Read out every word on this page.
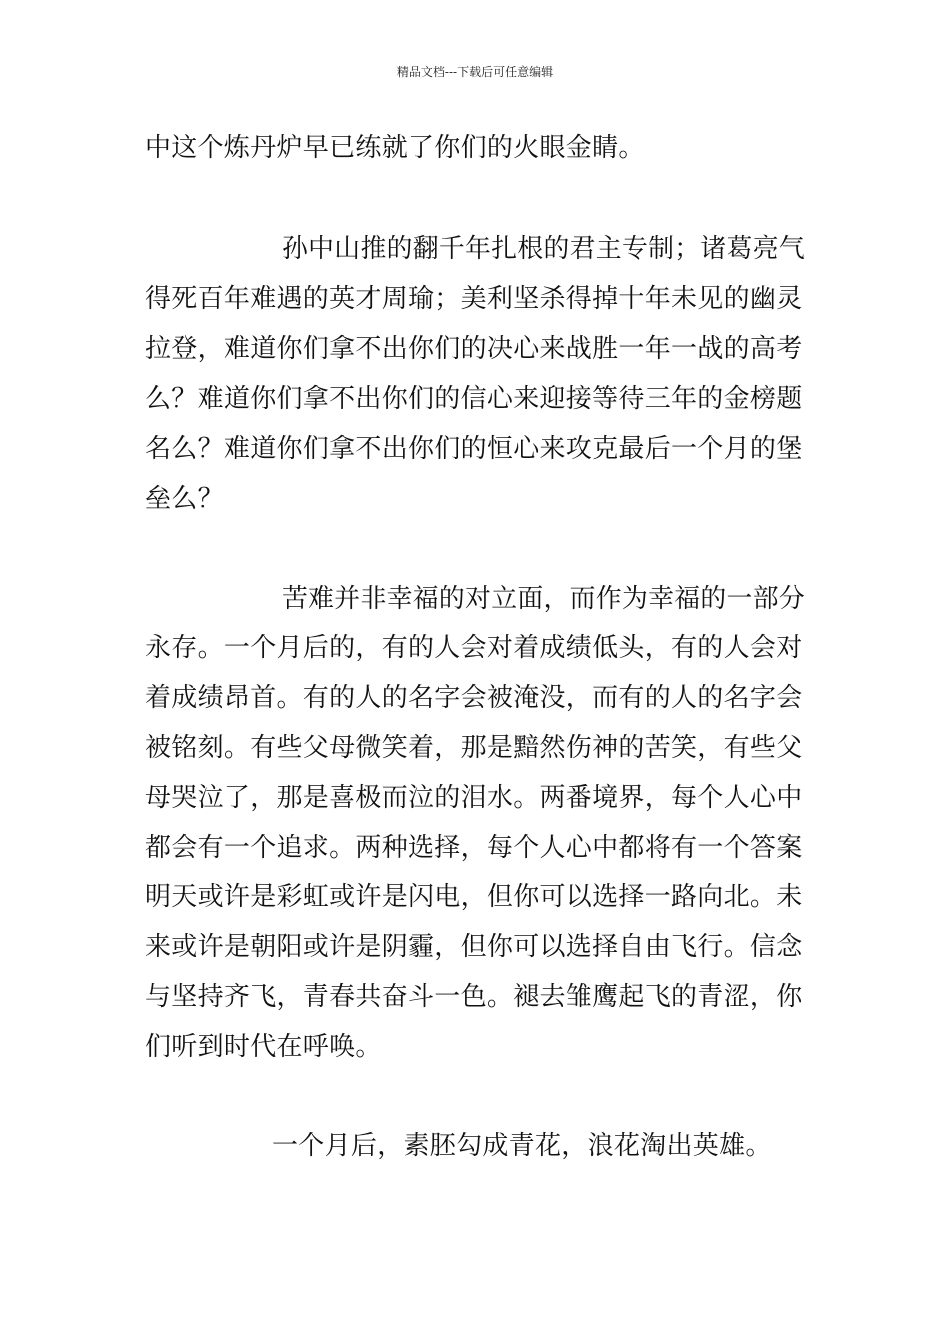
精品文档---下载后可任意编辑
中这个炼丹炉早已练就了你们的火眼金睛。
孙中山推的翻千年扎根的君主专制；诸葛亮气
得死百年难遇的英才周瑜；美利坚杀得掉十年未见的幽灵
拉登，难道你们拿不出你们的决心来战胜一年一战的高考
么？难道你们拿不出你们的信心来迎接等待三年的金榜题
名么？难道你们拿不出你们的恒心来攻克最后一个月的堡
垒么？
苦难并非幸福的对立面，而作为幸福的一部分
永存。一个月后的，有的人会对着成绩低头，有的人会对
着成绩昂首。有的人的名字会被淹没，而有的人的名字会
被铭刻。有些父母微笑着，那是黯然伤神的苦笑，有些父
母哭泣了，那是喜极而泣的泪水。两番境界，每个人心中
都会有一个追求。两种选择，每个人心中都将有一个答案
明天或许是彩虹或许是闪电，但你可以选择一路向北。未
来或许是朝阳或许是阴霾，但你可以选择自由飞行。信念
与坚持齐飞，青春共奋斗一色。褪去雏鹰起飞的青涩，你
们听到时代在呼唤。
一个月后，素胚勾成青花，浪花淘出英雄。
